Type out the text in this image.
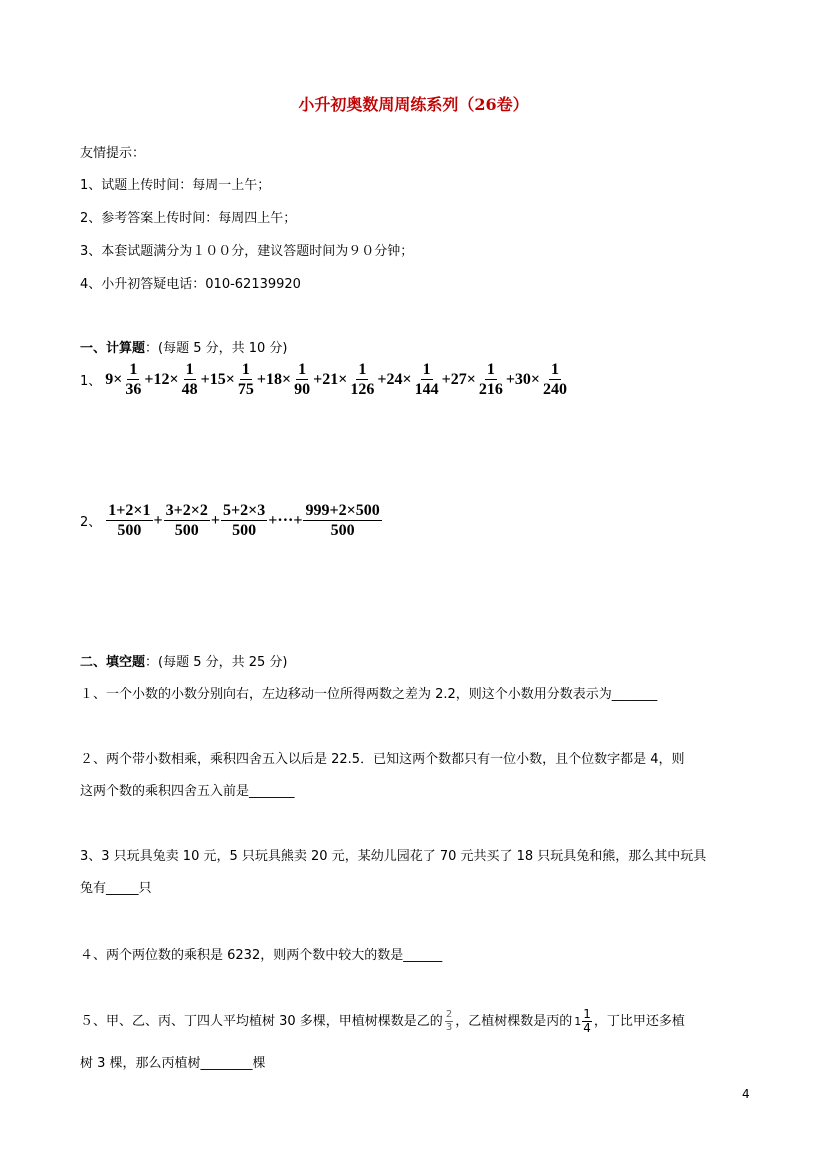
小升初奥数周周练系列（26卷）
友情提示：
1、试题上传时间：每周一上午；
2、参考答案上传时间：每周四上午；
3、本套试题满分为１００分，建议答题时间为９０分钟；
4、小升初答疑电话：010-62139920
一、计算题：(每题 5 分，共 10 分)
1、 $9\times \frac{1}{36} +12\times \frac{1}{48} +15\times \frac{1}{75} +18\times \frac{1}{90} +21\times \frac{1}{126} +24\times \frac{1}{144} +27\times \frac{1}{216} +30\times \frac{1}{240}$
2、 $\frac{1+2\times 1}{500} + \frac{3+2\times 2}{500} + \frac{5+2\times 3}{500}$ +···+ $\frac{999+2\times 500}{500}$
二、填空题：(每题 5 分，共 25 分)
１、一个小数的小数分别向右，左边移动一位所得两数之差为 2.2，则这个小数用分数表示为_______
２、两个带小数相乘，乘积四舍五入以后是 22.5．已知这两个数都只有一位小数，且个位数字都是 4，则
这两个数的乘积四舍五入前是_______
3、3 只玩具兔卖 10 元，5 只玩具熊卖 20 元，某幼儿园花了 70 元共买了 18 只玩具兔和熊，那么其中玩具
兔有_____只
４、两个两位数的乘积是 6232，则两个数中较大的数是______
５、甲、乙、丙、丁四人平均植树 30 多棵，甲植树棵数是乙的 $\frac{2}{3}$ ，乙植树棵数是丙的 $1 \frac{1}{4}$ ，丁比甲还多植
树 3 棵，那么丙植树________棵
4
